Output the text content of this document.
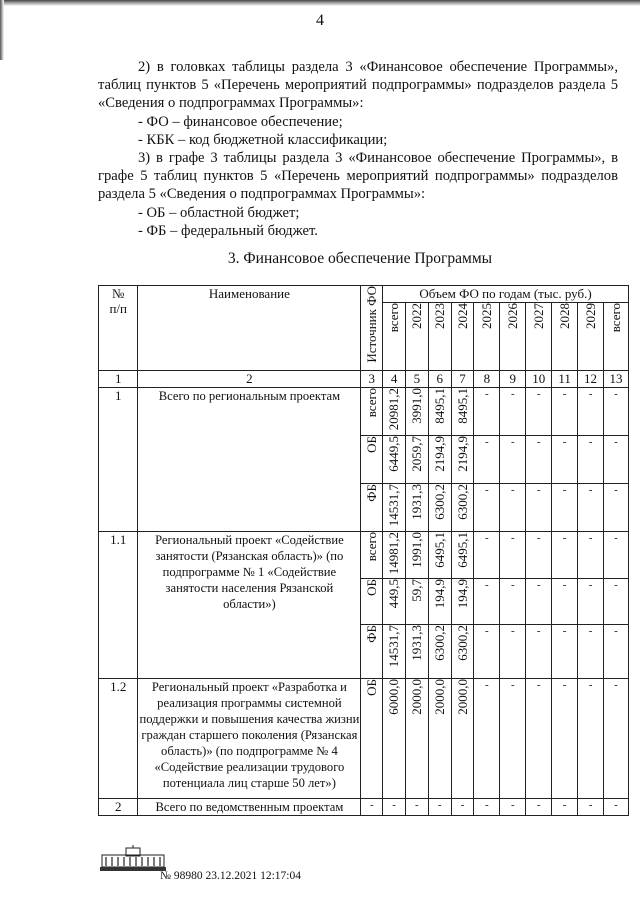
4

2) в головках таблицы раздела 3 «Финансовое обеспечение Программы», таблиц пунктов 5 «Перечень мероприятий подпрограммы» подразделов раздела 5 «Сведения о подпрограммах Программы»:

- ФО – финансовое обеспечение;

- КБК – код бюджетной классификации;

3) в графе 3 таблицы раздела 3 «Финансовое обеспечение Программы», в графе 5 таблиц пунктов 5 «Перечень мероприятий подпрограммы» подразделов раздела 5 «Сведения о подпрограммах Программы»:

- ОБ – областной бюджет;

- ФБ – федеральный бюджет.

3. Финансовое обеспечение Программы
№ п/п	Наименование	Источник ФО	Объем ФО по годам (тыс. руб.)									
			всего	2022	2023	2024	2025	2026	2027	2028	2029	всего
1	2	3	4	5	6	7	8	9	10	11	12	13
1	Всего по региональным проектам	всего	20981,2	3991,0	8495,1	8495,1	-	-	-	-	-	-
		ОБ	6449,5	2059,7	2194,9	2194,9	-	-	-	-	-	-
		ФБ	14531,7	1931,3	6300,2	6300,2	-	-	-	-	-	-
1.1	Региональный проект «Содействие занятости (Рязанская область)» (по подпрограмме № 1 «Содействие занятости населения Рязанской области»)	всего	14981,2	1991,0	6495,1	6495,1	-	-	-	-	-	-
		ОБ	449,5	59,7	194,9	194,9	-	-	-	-	-	-
		ФБ	14531,7	1931,3	6300,2	6300,2	-	-	-	-	-	-
1.2	Региональный проект «Разработка и реализация программы системной поддержки и повышения качества жизни граждан старшего поколения (Рязанская область)» (по подпрограмме № 4 «Содействие реализации трудового потенциала лиц старше 50 лет»)	ОБ	6000,0	2000,0	2000,0	2000,0	-	-	-	-	-	-
2	Всего по ведомственным проектам	-	-	-	-	-	-	-	-	-	-	-
№ 98980 23.12.2021 12:17:04
